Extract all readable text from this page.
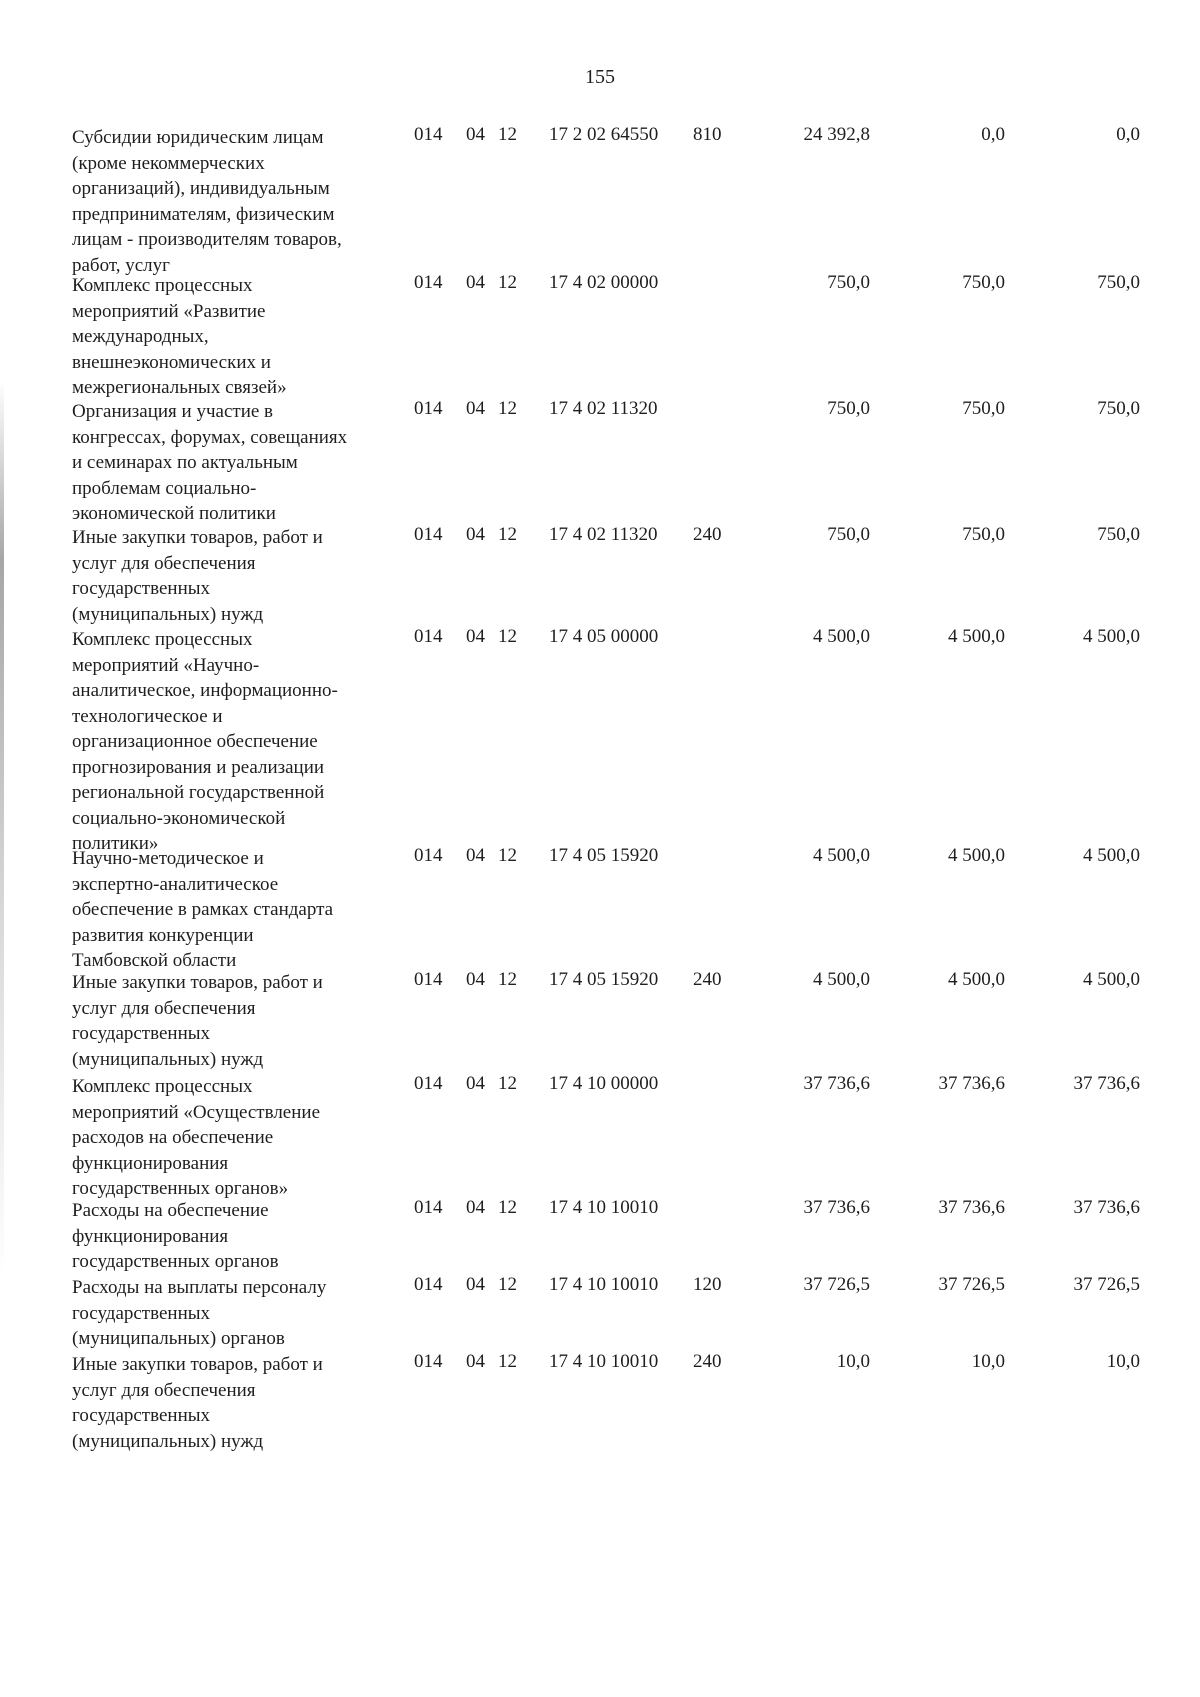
155
Субсидии юридическим лицам
(кроме некоммерческих
организаций), индивидуальным
предпринимателям, физическим
лицам - производителям товаров,
работ, услуг
014 04 12 17 2 02 64550 810	24 392,8	0,0	0,0
Комплекс процессных
мероприятий «Развитие
международных,
внешнеэкономических и
межрегиональных связей»
014 04 12 17 4 02 00000	750,0	750,0	750,0
Организация и участие в
конгрессах, форумах, совещаниях
и семинарах по актуальным
проблемам социально-
экономической политики
014 04 12 17 4 02 11320	750,0	750,0	750,0
Иные закупки товаров, работ и
услуг для обеспечения
государственных
(муниципальных) нужд
014 04 12 17 4 02 11320 240	750,0	750,0	750,0
Комплекс процессных
мероприятий «Научно-
аналитическое, информационно-
технологическое и
организационное обеспечение
прогнозирования и реализации
региональной государственной
социально-экономической
политики»
014 04 12 17 4 05 00000	4 500,0	4 500,0	4 500,0
Научно-методическое и
экспертно-аналитическое
обеспечение в рамках стандарта
развития конкуренции
Тамбовской области
014 04 12 17 4 05 15920	4 500,0	4 500,0	4 500,0
Иные закупки товаров, работ и
услуг для обеспечения
государственных
(муниципальных) нужд
014 04 12 17 4 05 15920 240	4 500,0	4 500,0	4 500,0
Комплекс процессных
мероприятий «Осуществление
расходов на обеспечение
функционирования
государственных органов»
014 04 12 17 4 10 00000	37 736,6	37 736,6	37 736,6
Расходы на обеспечение
функционирования
государственных органов
014 04 12 17 4 10 10010	37 736,6	37 736,6	37 736,6
Расходы на выплаты персоналу
государственных
(муниципальных) органов
014 04 12 17 4 10 10010 120	37 726,5	37 726,5	37 726,5
Иные закупки товаров, работ и
услуг для обеспечения
государственных
(муниципальных) нужд
014 04 12 17 4 10 10010 240	10,0	10,0	10,0
